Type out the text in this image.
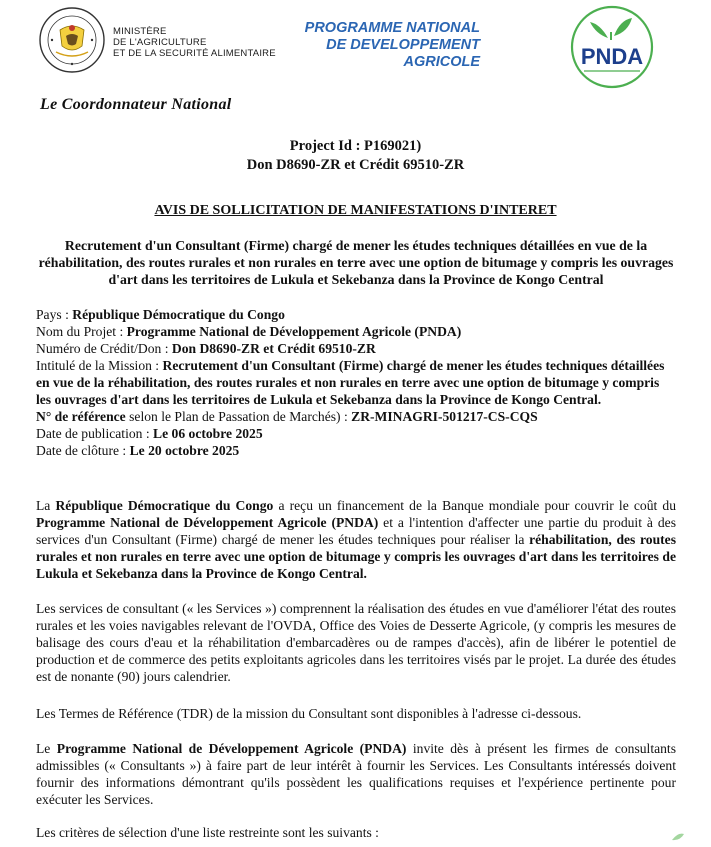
MINISTÈRE
DE L'AGRICULTURE
ET DE LA SECURITÉ ALIMENTAIRE
Le Coordonnateur National
PROGRAMME NATIONAL
DE DEVELOPPEMENT
AGRICOLE	PNDA
Project Id : P169021)
Don D8690-ZR et Crédit 69510-ZR
AVIS DE SOLLICITATION DE MANIFESTATIONS D'INTERET
Recrutement d'un Consultant (Firme) chargé de mener les études techniques détaillées en vue de la réhabilitation, des routes rurales et non rurales en terre avec une option de bitumage y compris les ouvrages d'art dans les territoires de Lukula et Sekebanza dans la Province de Kongo Central

Pays : République Démocratique du Congo

Nom du Projet : Programme National de Développement Agricole (PNDA)

Numéro de Crédit/Don : Don D8690-ZR et Crédit 69510-ZR

Intitulé de la Mission : Recrutement d'un Consultant (Firme) chargé de mener les études techniques détaillées en vue de la réhabilitation, des routes rurales et non rurales en terre avec une option de bitumage y compris les ouvrages d'art dans les territoires de Lukula et Sekebanza dans la Province de Kongo Central.

N° de référence selon le Plan de Passation de Marchés) : ZR-MINAGRI-501217-CS-CQS

Date de publication : Le 06 octobre 2025

Date de clôture : Le 20 octobre 2025

La République Démocratique du Congo a reçu un financement de la Banque mondiale pour couvrir le coût du Programme National de Développement Agricole (PNDA) et a l'intention d'affecter une partie du produit à des services d'un Consultant (Firme) chargé de mener les études techniques pour réaliser la réhabilitation, des routes rurales et non rurales en terre avec une option de bitumage y compris les ouvrages d'art dans les territoires de Lukula et Sekebanza dans la Province de Kongo Central.

Les services de consultant (« les Services ») comprennent la réalisation des études en vue d'améliorer l'état des routes rurales et les voies navigables relevant de l'OVDA, Office des Voies de Desserte Agricole, (y compris les mesures de balisage des cours d'eau et la réhabilitation d'embarcadères ou de rampes d'accès), afin de libérer le potentiel de production et de commerce des petits exploitants agricoles dans les territoires visés par le projet. La durée des études est de nonante (90) jours calendrier.

Les Termes de Référence (TDR) de la mission du Consultant sont disponibles à l'adresse ci-dessous.

Le Programme National de Développement Agricole (PNDA) invite dès à présent les firmes de consultants admissibles (« Consultants ») à faire part de leur intérêt à fournir les Services. Les Consultants intéressés doivent fournir des informations démontrant qu'ils possèdent les qualifications requises et l'expérience pertinente pour exécuter les Services.

Les critères de sélection d'une liste restreinte sont les suivants :
